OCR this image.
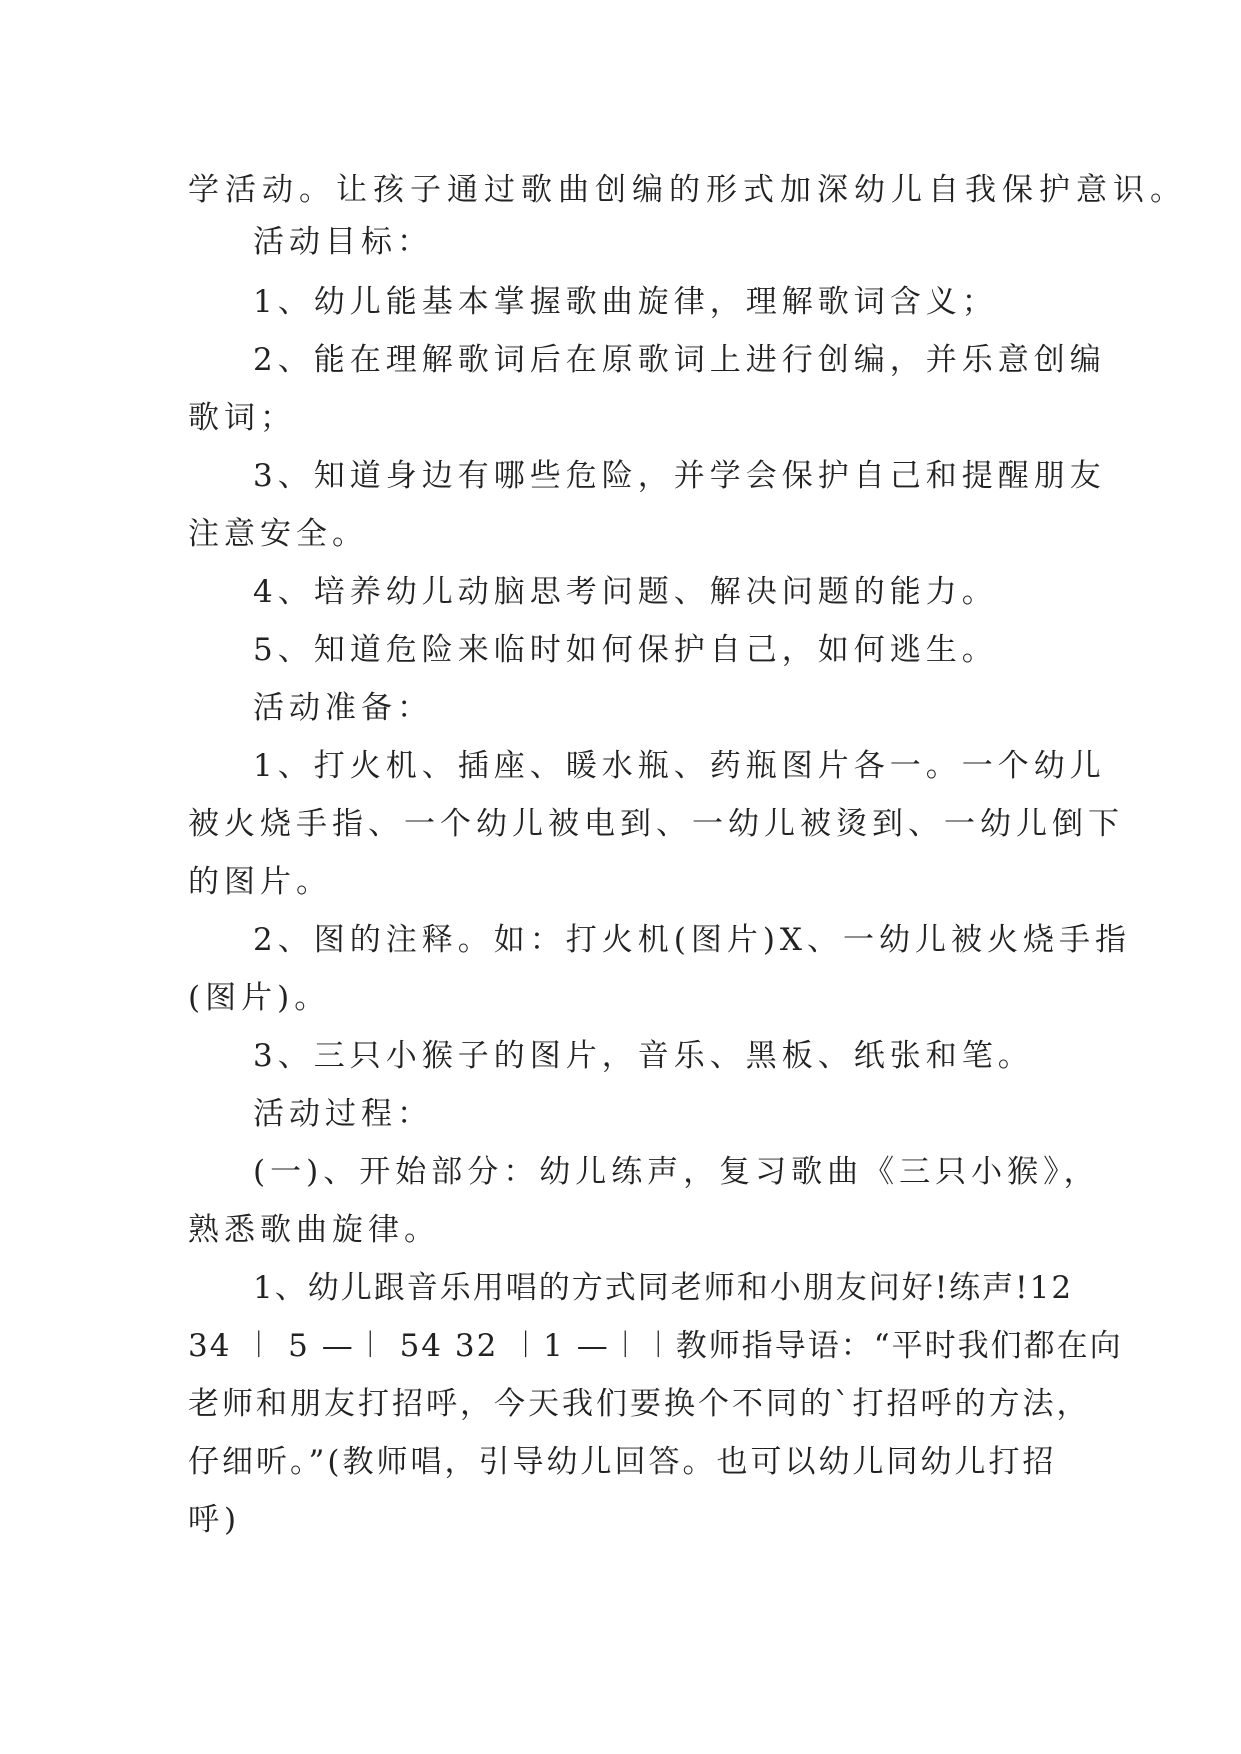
学活动。让孩子通过歌曲创编的形式加深幼儿自我保护意识。
活动目标：
1、幼儿能基本掌握歌曲旋律，理解歌词含义；
2、能在理解歌词后在原歌词上进行创编，并乐意创编
歌词；
3、知道身边有哪些危险，并学会保护自己和提醒朋友
注意安全。
4、培养幼儿动脑思考问题、解决问题的能力。
5、知道危险来临时如何保护自己，如何逃生。
活动准备：
1、打火机、插座、暖水瓶、药瓶图片各一。一个幼儿
被火烧手指、一个幼儿被电到、一幼儿被烫到、一幼儿倒下
的图片。
2、图的注释。如：打火机(图片)X、一幼儿被火烧手指
(图片)。
3、三只小猴子的图片，音乐、黑板、纸张和笔。
活动过程：
(一)、开始部分：幼儿练声，复习歌曲《三只小猴》，
熟悉歌曲旋律。
1、幼儿跟音乐用唱的方式同老师和小朋友问好!练声!12
34 ︱ 5 —︱ 54 32 ︱1 —︱︱教师指导语：“平时我们都在向
老师和朋友打招呼，今天我们要换个不同的`打招呼的方法，
仔细听。”(教师唱，引导幼儿回答。也可以幼儿同幼儿打招
呼)
